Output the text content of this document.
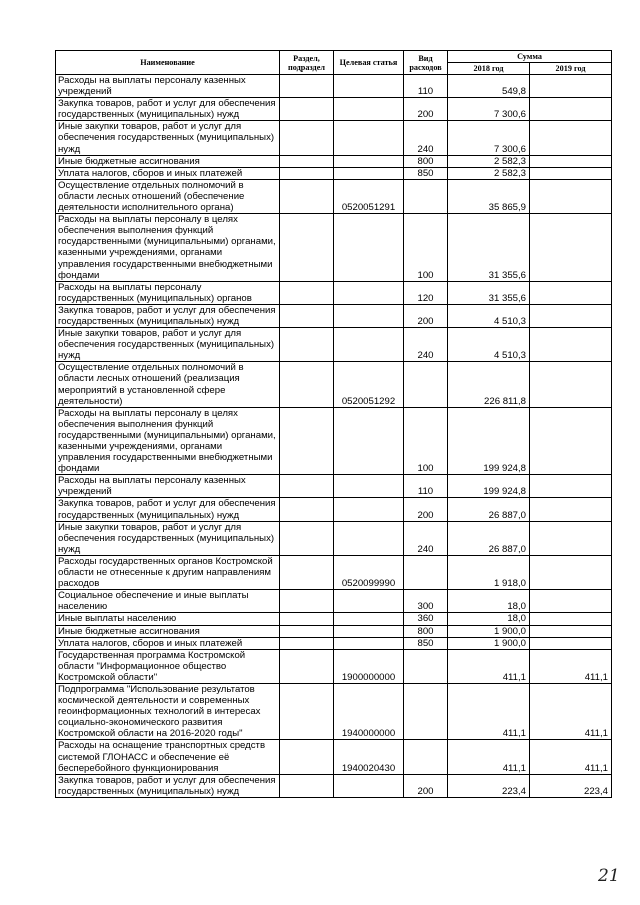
Наименование	Раздел, подраздел	Целевая статья	Вид расходов	Сумма	
				2018 год	2019 год
Расходы на выплаты персоналу казенных учреждений			110	549,8	
Закупка товаров, работ и услуг для обеспечения государственных (муниципальных) нужд			200	7 300,6	
Иные закупки товаров, работ и услуг для обеспечения государственных (муниципальных) нужд			240	7 300,6	
Иные бюджетные ассигнования			800	2 582,3	
Уплата налогов, сборов и иных платежей			850	2 582,3	
Осуществление отдельных полномочий в области лесных отношений (обеспечение деятельности исполнительного органа)		0520051291		35 865,9	
Расходы на выплаты персоналу в целях обеспечения выполнения функций государственными (муниципальными) органами, казенными учреждениями, органами управления государственными внебюджетными фондами			100	31 355,6	
Расходы на выплаты персоналу государственных (муниципальных) органов			120	31 355,6	
Закупка товаров, работ и услуг для обеспечения государственных (муниципальных) нужд			200	4 510,3	
Иные закупки товаров, работ и услуг для обеспечения государственных (муниципальных) нужд			240	4 510,3	
Осуществление отдельных полномочий в области лесных отношений (реализация мероприятий в установленной сфере деятельности)		0520051292		226 811,8	
Расходы на выплаты персоналу в целях обеспечения выполнения функций государственными (муниципальными) органами, казенными учреждениями, органами управления государственными внебюджетными фондами			100	199 924,8	
Расходы на выплаты персоналу казенных учреждений			110	199 924,8	
Закупка товаров, работ и услуг для обеспечения государственных (муниципальных) нужд			200	26 887,0	
Иные закупки товаров, работ и услуг для обеспечения государственных (муниципальных) нужд			240	26 887,0	
Расходы государственных органов Костромской области не отнесенные к другим направлениям расходов		0520099990		1 918,0	
Социальное обеспечение и иные выплаты населению			300	18,0	
Иные выплаты населению			360	18,0	
Иные бюджетные ассигнования			800	1 900,0	
Уплата налогов, сборов и иных платежей			850	1 900,0	
Государственная программа Костромской области "Информационное общество Костромской области"		1900000000		411,1	411,1
Подпрограмма "Использование результатов космической деятельности и современных геоинформационных технологий в интересах социально-экономического развития Костромской области на 2016-2020 годы"		1940000000		411,1	411,1
Расходы на оснащение транспортных средств системой ГЛОНАСС и обеспечение её бесперебойного функционирования		1940020430		411,1	411,1
Закупка товаров, работ и услуг для обеспечения государственных (муниципальных) нужд			200	223,4	223,4
21
